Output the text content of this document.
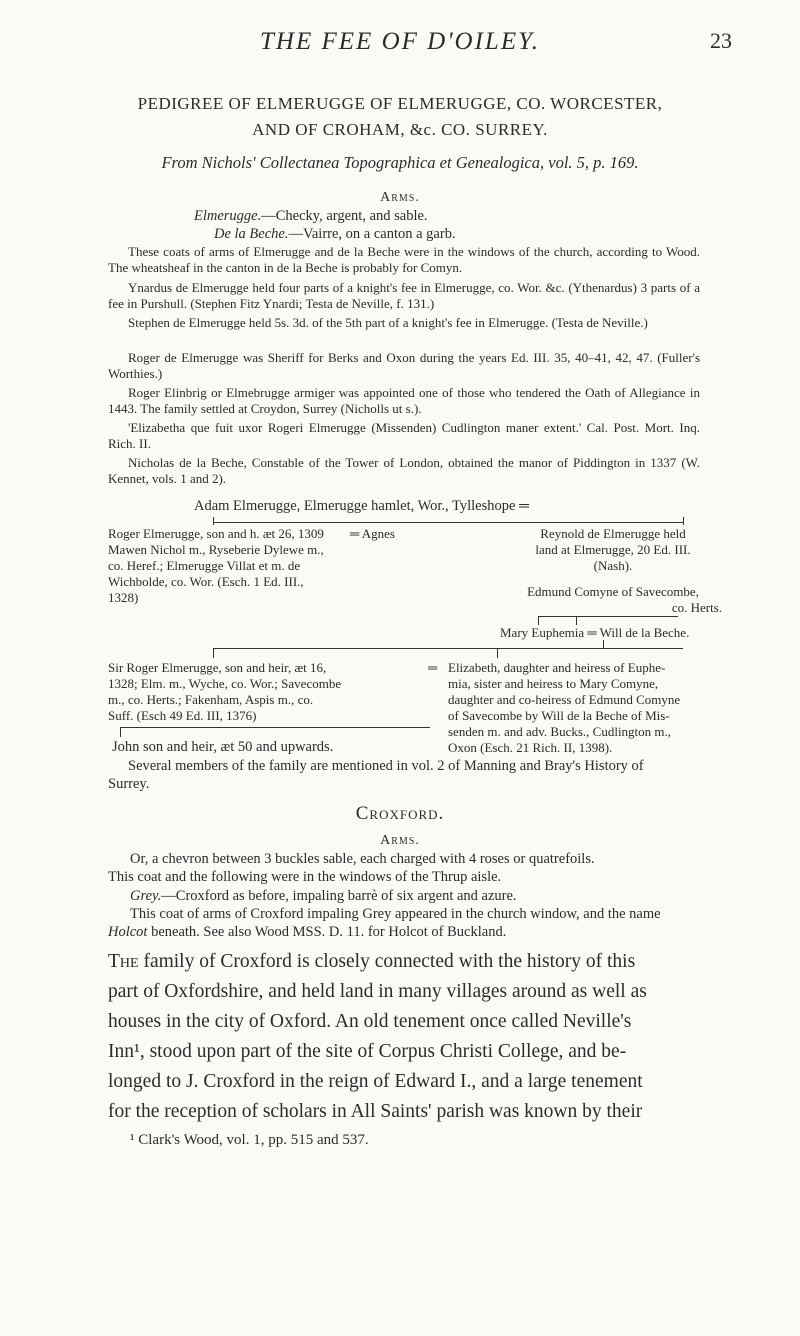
THE FEE OF D'OILEY.	23
PEDIGREE OF ELMERUGGE OF ELMERUGGE, CO. WORCESTER,
AND OF CROHAM, &c. CO. SURREY.
From Nichols' Collectanea Topographica et Genealogica, vol. 5, p. 169.
Arms.
Elmerugge.—Checky, argent, and sable.
De la Beche.—Vairre, on a canton a garb.
These coats of arms of Elmerugge and de la Beche were in the windows of the church, according to Wood. The wheatsheaf in the canton in de la Beche is probably for Comyn.
Ynardus de Elmerugge held four parts of a knight's fee in Elmerugge, co. Wor. &c. (Ythenardus) 3 parts of a fee in Purshull. (Stephen Fitz Ynardi; Testa de Neville, f. 131.)
Stephen de Elmerugge held 5s. 3d. of the 5th part of a knight's fee in Elmerugge. (Testa de Neville.)
Roger de Elmerugge was Sheriff for Berks and Oxon during the years Ed. III. 35, 40–41, 42, 47. (Fuller's Worthies.)
Roger Elinbrig or Elmebrugge armiger was appointed one of those who tendered the Oath of Allegiance in 1443. The family settled at Croydon, Surrey (Nicholls ut s.).
'Elizabetha que fuit uxor Rogeri Elmerugge (Missenden) Cudlington maner extent.' Cal. Post. Mort. Inq. Rich. II.
Nicholas de la Beche, Constable of the Tower of London, obtained the manor of Piddington in 1337 (W. Kennet, vols. 1 and 2).
Adam Elmerugge, Elmerugge hamlet, Wor., Tylleshope ═
Roger Elmerugge, son and h. æt 26, 1309
Mawen Nichol m., Ryseberie Dylewe m.,
co. Heref.; Elmerugge Villat et m. de
Wichbolde, co. Wor. (Esch. 1 Ed. III.,
1328)
═ Agnes	Reynold de Elmerugge held
land at Elmerugge, 20 Ed. III.
(Nash).
Edmund Comyne of Savecombe,
co. Herts.
Mary Euphemia ═ Will de la Beche.
Sir Roger Elmerugge, son and heir, æt 16,
1328; Elm. m., Wyche, co. Wor.; Savecombe
m., co. Herts.; Fakenham, Aspis m., co.
Suff. (Esch 49 Ed. III, 1376)
═ Elizabeth, daughter and heiress of Euphe-
mia, sister and heiress to Mary Comyne,
daughter and co-heiress of Edmund Comyne
of Savecombe by Will de la Beche of Mis-
senden m. and adv. Bucks., Cudlington m.,
Oxon (Esch. 21 Rich. II, 1398).
John son and heir, æt 50 and upwards.
Several members of the family are mentioned in vol. 2 of Manning and Bray's History of
Surrey.
Croxford.
Arms.
Or, a chevron between 3 buckles sable, each charged with 4 roses or quatrefoils.
This coat and the following were in the windows of the Thrup aisle.
Grey.—Croxford as before, impaling barrè of six argent and azure.
This coat of arms of Croxford impaling Grey appeared in the church window, and the name
Holcot beneath. See also Wood MSS. D. 11. for Holcot of Buckland.
The family of Croxford is closely connected with the history of this
part of Oxfordshire, and held land in many villages around as well as
houses in the city of Oxford. An old tenement once called Neville's
Inn¹, stood upon part of the site of Corpus Christi College, and be-
longed to J. Croxford in the reign of Edward I., and a large tenement
for the reception of scholars in All Saints' parish was known by their
¹ Clark's Wood, vol. 1, pp. 515 and 537.
